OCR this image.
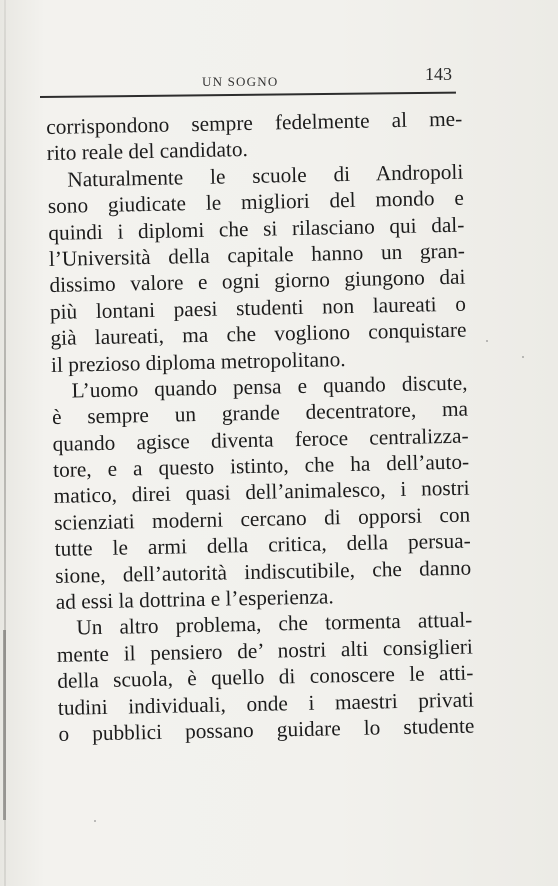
UN SOGNO	143
corrispondono sempre fedelmente al me-
rito reale del candidato.
Naturalmente le scuole di Andropoli
sono giudicate le migliori del mondo e
quindi i diplomi che si rilasciano qui dal-
l’Università della capitale hanno un gran-
dissimo valore e ogni giorno giungono dai
più lontani paesi studenti non laureati o
già laureati, ma che vogliono conquistare
il prezioso diploma metropolitano.
L’uomo quando pensa e quando discute,
è sempre un grande decentratore, ma
quando agisce diventa feroce centralizza-
tore, e a questo istinto, che ha dell’auto-
matico, direi quasi dell’animalesco, i nostri
scienziati moderni cercano di opporsi con
tutte le armi della critica, della persua-
sione, dell’autorità indiscutibile, che danno
ad essi la dottrina e l’esperienza.
Un altro problema, che tormenta attual-
mente il pensiero de’ nostri alti consiglieri
della scuola, è quello di conoscere le atti-
tudini individuali, onde i maestri privati
o pubblici possano guidare lo studente
